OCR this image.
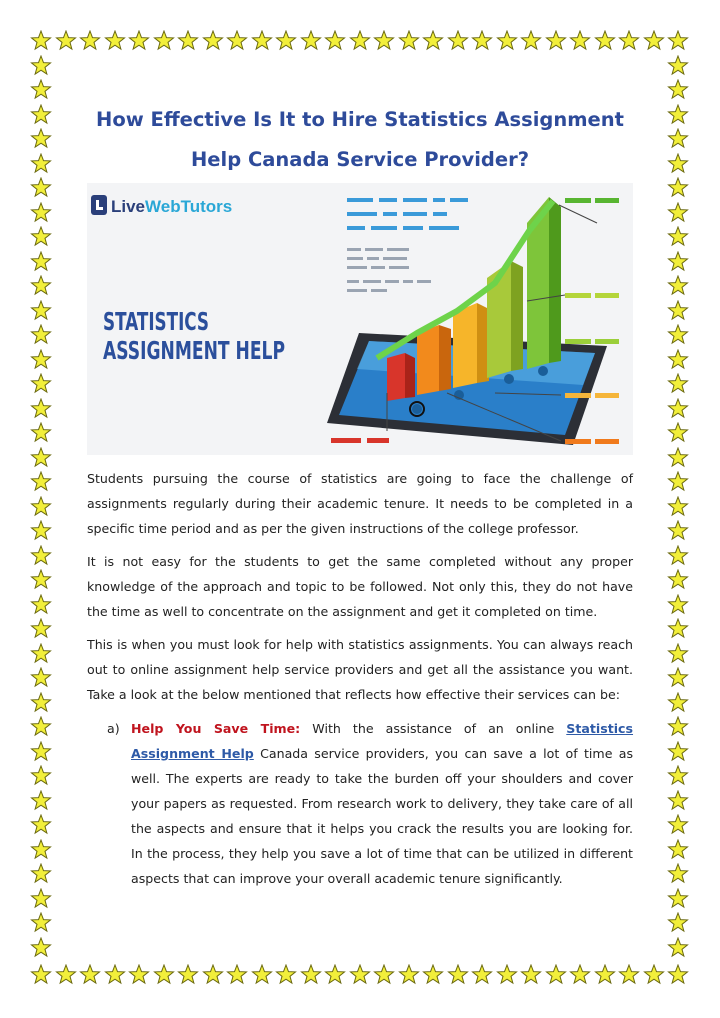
How Effective Is It to Hire Statistics Assignment

Help Canada Service Provider?

LiveWebTutors
STATISTICS
ASSIGNMENT HELP

Students pursuing the course of statistics are going to face the challenge of assignments regularly during their academic tenure. It needs to be completed in a specific time period and as per the given instructions of the college professor.

It is not easy for the students to get the same completed without any proper knowledge of the approach and topic to be followed. Not only this, they do not have the time as well to concentrate on the assignment and get it completed on time.

This is when you must look for help with statistics assignments. You can always reach out to online assignment help service providers and get all the assistance you want. Take a look at the below mentioned that reflects how effective their services can be:

a) Help You Save Time: With the assistance of an online Statistics Assignment Help Canada service providers, you can save a lot of time as well. The experts are ready to take the burden off your shoulders and cover your papers as requested. From research work to delivery, they take care of all the aspects and ensure that it helps you crack the results you are looking for. In the process, they help you save a lot of time that can be utilized in different aspects that can improve your overall academic tenure significantly.
